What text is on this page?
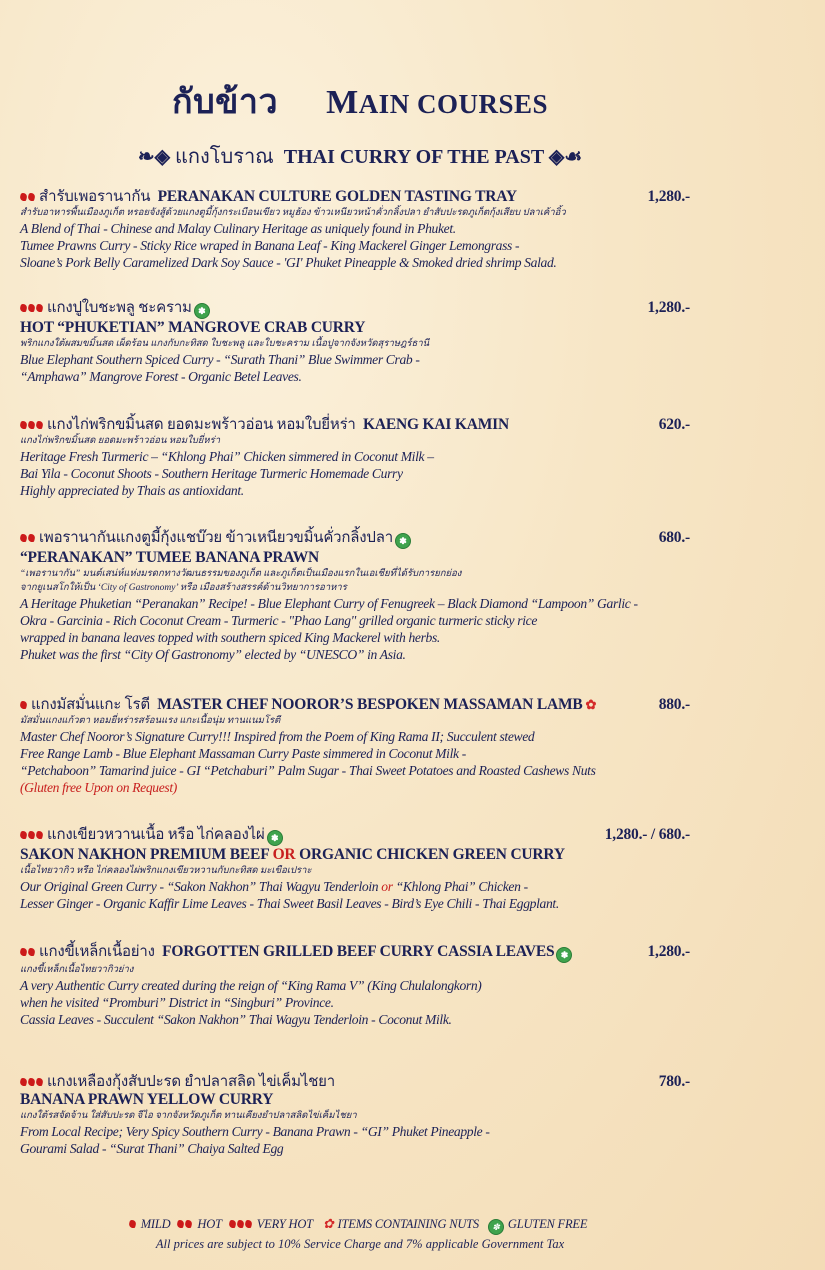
กับข้าว MAIN COURSES
❧◈ แกงโบราณ THAI CURRY OF THE PAST ◈☙
สำรับเพอรานากัน PERANAKAN CULTURE GOLDEN TASTING TRAY	1,280.-
สำรับอาหารพื้นเมืองภูเก็ต หรอยจังสู้ด้วยแกงตูมี้กุ้งกระเบือนเขียว หมูฮ้อง ข้าวเหนียวหน้าคั่วกลิ้งปลา ยำสับปะรดภูเก็ตกุ้งเสียบ ปลาเค้าอิ้ว
A Blend of Thai - Chinese and Malay Culinary Heritage as uniquely found in Phuket.
Tumee Prawns Curry - Sticky Rice wraped in Banana Leaf - King Mackerel Ginger Lemongrass -
Sloane’s Pork Belly Caramelized Dark Soy Sauce - 'GI' Phuket Pineapple & Smoked dried shrimp Salad.
แกงปูใบชะพลู ชะคราม ✽	1,280.-
HOT “PHUKETIAN” MANGROVE CRAB CURRY
พริกแกงใต้ผสมขมิ้นสด เผ็ดร้อน แกงกับกะทิสด ใบชะพลู และใบชะคราม เนื้อปูจากจังหวัดสุราษฎร์ธานี
Blue Elephant Southern Spiced Curry - “Surath Thani” Blue Swimmer Crab -
“Amphawa” Mangrove Forest - Organic Betel Leaves.
แกงไก่พริกขมิ้นสด ยอดมะพร้าวอ่อน หอมใบยี่หร่า KAENG KAI KAMIN	620.-
แกงไก่พริกขมิ้นสด ยอดมะพร้าวอ่อน หอมใบยี่หร่า
Heritage Fresh Turmeric – “Khlong Phai” Chicken simmered in Coconut Milk –
Bai Yila - Coconut Shoots - Southern Heritage Turmeric Homemade Curry
Highly appreciated by Thais as antioxidant.
เพอรานากันแกงตูมี้กุ้งแชบ๊วย ข้าวเหนียวขมิ้นคั่วกลิ้งปลา ✽	680.-
“PERANAKAN” TUMEE BANANA PRAWN
“เพอรานากัน” มนต์เสน่ห์แห่งมรดกทางวัฒนธรรมของภูเก็ต และภูเก็ตเป็นเมืองแรกในเอเชียที่ได้รับการยกย่อง
จากยูเนสโกให้เป็น ‘City of Gastronomy’ หรือ เมืองสร้างสรรค์ด้านวิทยาการอาหาร
A Heritage Phuketian “Peranakan” Recipe! - Blue Elephant Curry of Fenugreek – Black Diamond “Lampoon” Garlic -
Okra - Garcinia - Rich Coconut Cream - Turmeric - "Phao Lang" grilled organic turmeric sticky rice
wrapped in banana leaves topped with southern spiced King Mackerel with herbs.
Phuket was the first “City Of Gastronomy” elected by “UNESCO” in Asia.
แกงมัสมั่นแกะ โรตี MASTER CHEF NOOROR’S BESPOKEN MASSAMAN LAMB ✿	880.-
มัสมั่นแกงแก้วตา หอมยี่หร่ารสร้อนแรง แกะเนื้อนุ่ม ทานแนมโรตี
Master Chef Nooror’s Signature Curry!!! Inspired from the Poem of King Rama II; Succulent stewed
Free Range Lamb - Blue Elephant Massaman Curry Paste simmered in Coconut Milk -
“Petchaboon” Tamarind juice - GI “Petchaburi” Palm Sugar - Thai Sweet Potatoes and Roasted Cashews Nuts
(Gluten free Upon on Request)
แกงเขียวหวานเนื้อ หรือ ไก่คลองไผ่ ✽	1,280.- / 680.-
SAKON NAKHON PREMIUM BEEF OR ORGANIC CHICKEN GREEN CURRY
เนื้อไทยวากิว หรือ ไก่คลองไผ่พริกแกงเขียวหวานกับกะทิสด มะเขือเปราะ
Our Original Green Curry - “Sakon Nakhon” Thai Wagyu Tenderloin or “Khlong Phai” Chicken -
Lesser Ginger - Organic Kaffir Lime Leaves - Thai Sweet Basil Leaves - Bird’s Eye Chili - Thai Eggplant.
แกงขี้เหล็กเนื้อย่าง FORGOTTEN GRILLED BEEF CURRY CASSIA LEAVES ✽	1,280.-
แกงขี้เหล็กเนื้อไทยวากิวย่าง
A very Authentic Curry created during the reign of “King Rama V” (King Chulalongkorn)
when he visited “Promburi” District in “Singburi” Province.
Cassia Leaves - Succulent “Sakon Nakhon” Thai Wagyu Tenderloin - Coconut Milk.
แกงเหลืองกุ้งสับปะรด ยำปลาสลิด ไข่เค็มไชยา	780.-
BANANA PRAWN YELLOW CURRY
แกงใต้รสจัดจ้าน ใส่สับปะรด จีไอ จากจังหวัดภูเก็ต ทานเคียงยำปลาสลิดไข่เค็มไชยา
From Local Recipe; Very Spicy Southern Curry - Banana Prawn - “GI” Phuket Pineapple -
Gourami Salad - “Surat Thani” Chaiya Salted Egg
MILD HOT	VERY HOT ✿ ITEMS CONTAINING NUTS ✽ GLUTEN FREE
All prices are subject to 10% Service Charge and 7% applicable Government Tax
